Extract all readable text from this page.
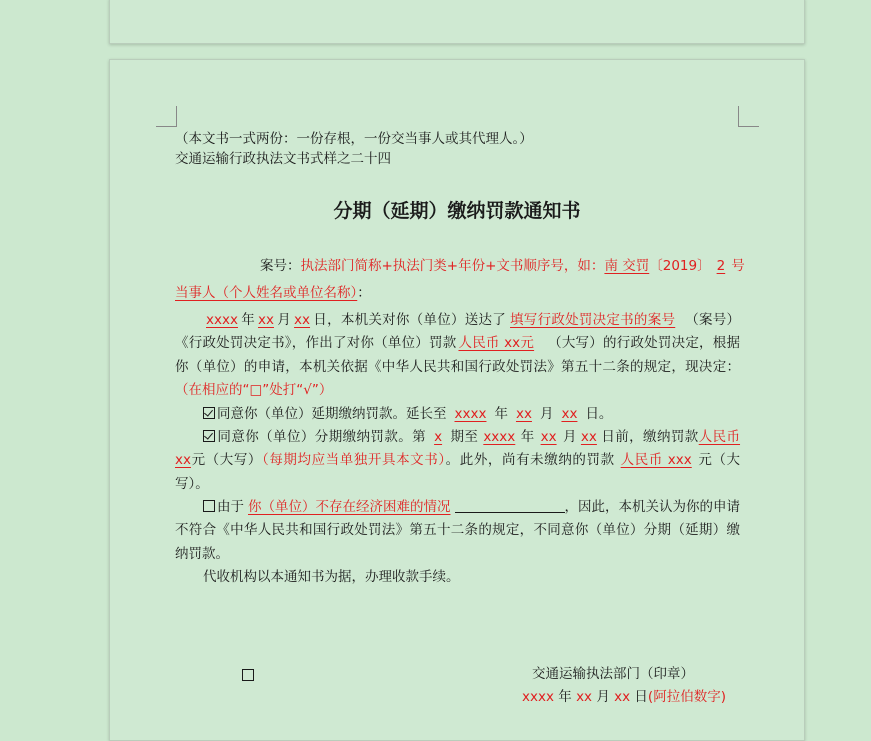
（本文书一式两份：一份存根，一份交当事人或其代理人。）
交通运输行政执法文书式样之二十四
分期（延期）缴纳罚款通知书
案号：执法部门简称+执法门类+年份+文书顺序号，如：南 交罚〔2019〕 2 号
当事人（个人姓名或单位名称）：
xxxx 年 xx 月 xx 日，本机关对你（单位）送达了 填写行政处罚决定书的案号 （案号）《行政处罚决定书》，作出了对你（单位）罚款 人民币 xx元 （大写）的行政处罚决定，根据你（单位）的申请，本机关依据《中华人民共和国行政处罚法》第五十二条的规定，现决定：（在相应的“□”处打“√”）
同意你（单位）延期缴纳罚款。延长至 xxxx 年 xx 月 xx 日。
同意你（单位）分期缴纳罚款。第 x 期至 xxxx 年 xx 月 xx 日前，缴纳罚款人民币 xx元（大写）（每期均应当单独开具本文书）。此外，尚有未缴纳的罚款 人民币 xxx 元（大写）。
由于 你（单位）不存在经济困难的情况	，因此，本机关认为你的申请不符合《中华人民共和国行政处罚法》第五十二条的规定，不同意你（单位）分期（延期）缴纳罚款。
代收机构以本通知书为据，办理收款手续。
交通运输执法部门（印章）
xxxx 年 xx 月 xx 日(阿拉伯数字)
